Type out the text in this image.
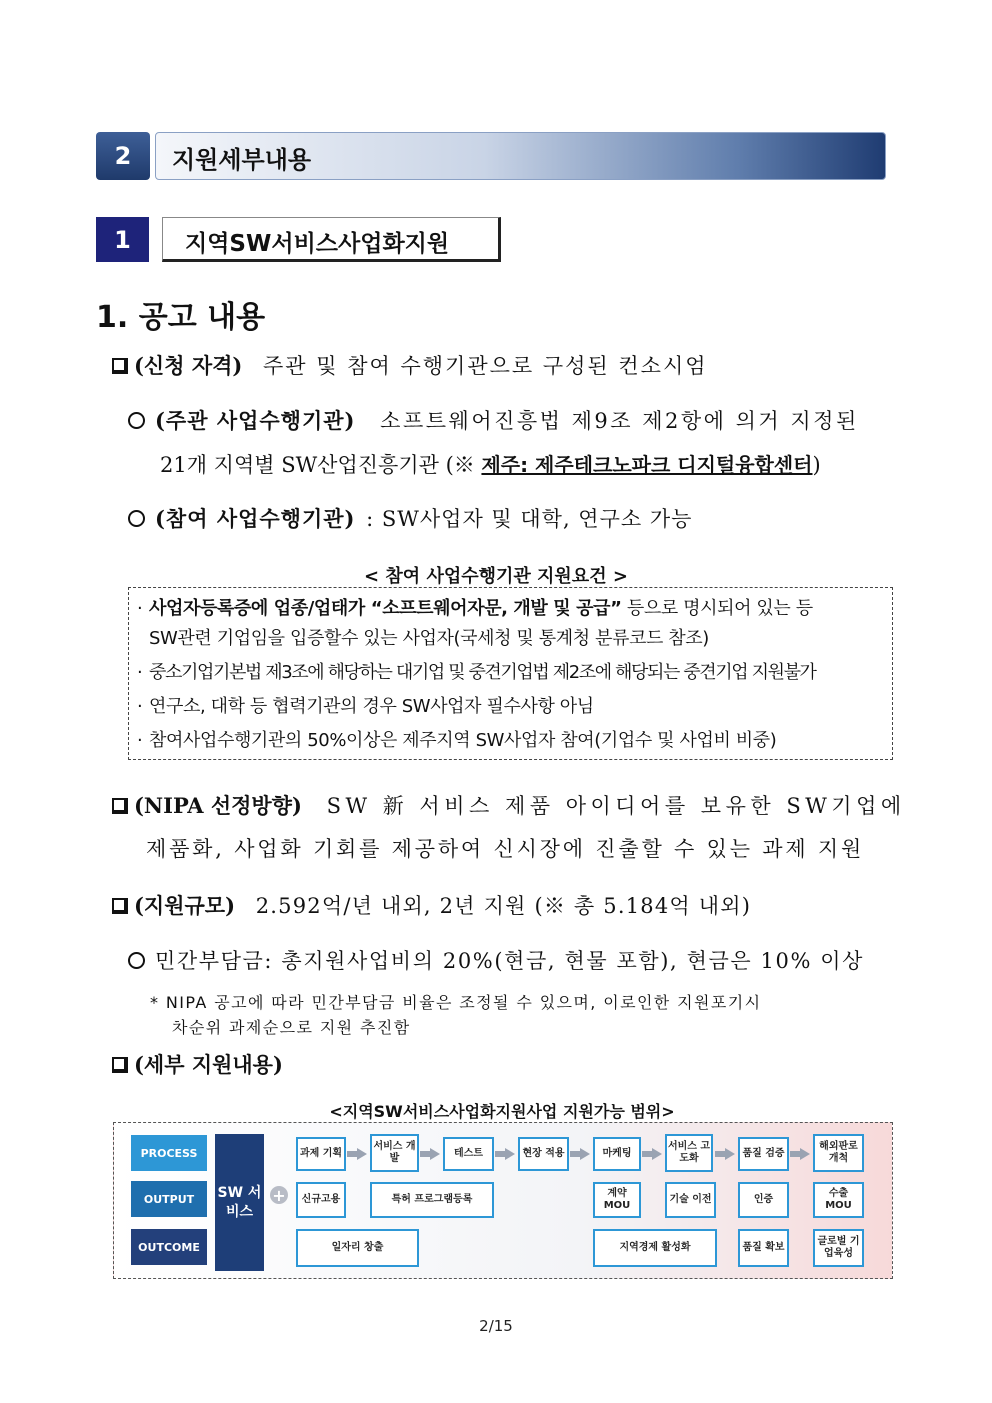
2	지원세부내용
1	지역SW서비스사업화지원
1. 공고 내용
(신청 자격) 주관 및 참여 수행기관으로 구성된 컨소시엄
(주관 사업수행기관) 소프트웨어진흥법 제9조 제2항에 의거 지정된
21개 지역별 SW산업진흥기관 (※ 제주: 제주테크노파크 디지털융합센터)
(참여 사업수행기관) : SW사업자 및 대학, 연구소 가능
< 참여 사업수행기관 지원요건 >
· 사업자등록증에 업종/업태가 “소프트웨어자문, 개발 및 공급” 등으로 명시되어 있는 등
SW관련 기업임을 입증할수 있는 사업자(국세청 및 통계청 분류코드 참조)
· 중소기업기본법 제3조에 해당하는 대기업 및 중견기업법 제2조에 해당되는 중견기업 지원불가
· 연구소, 대학 등 협력기관의 경우 SW사업자 필수사항 아님
· 참여사업수행기관의 50%이상은 제주지역 SW사업자 참여(기업수 및 사업비 비중)
(NIPA 선정방향) SW 新 서비스 제품 아이디어를 보유한 SW기업에
제품화, 사업화 기회를 제공하여 신시장에 진출할 수 있는 과제 지원
(지원규모) 2.592억/년 내외, 2년 지원 (※ 총 5.184억 내외)
민간부담금: 총지원사업비의 20%(현금, 현물 포함), 현금은 10% 이상
* NIPA 공고에 따라 민간부담금 비율은 조정될 수 있으며, 이로인한 지원포기시
차순위 과제순으로 지원 추진함
(세부 지원내용)
<지역SW서비스사업화지원사업 지원가능 범위>
PROCESS
OUTPUT
OUTCOME
SW 서비스
+
과제 기획
서비스 개발	테스트	현장 적용	마케팅
서비스 고도화	품질 검증
해외판로 개척
신규고용	특허 프로그램등록
계약 MOU
기술 이전	인증
수출 MOU
일자리 창출	지역경제 활성화	품질 확보
글로벌 기업육성
2/15
